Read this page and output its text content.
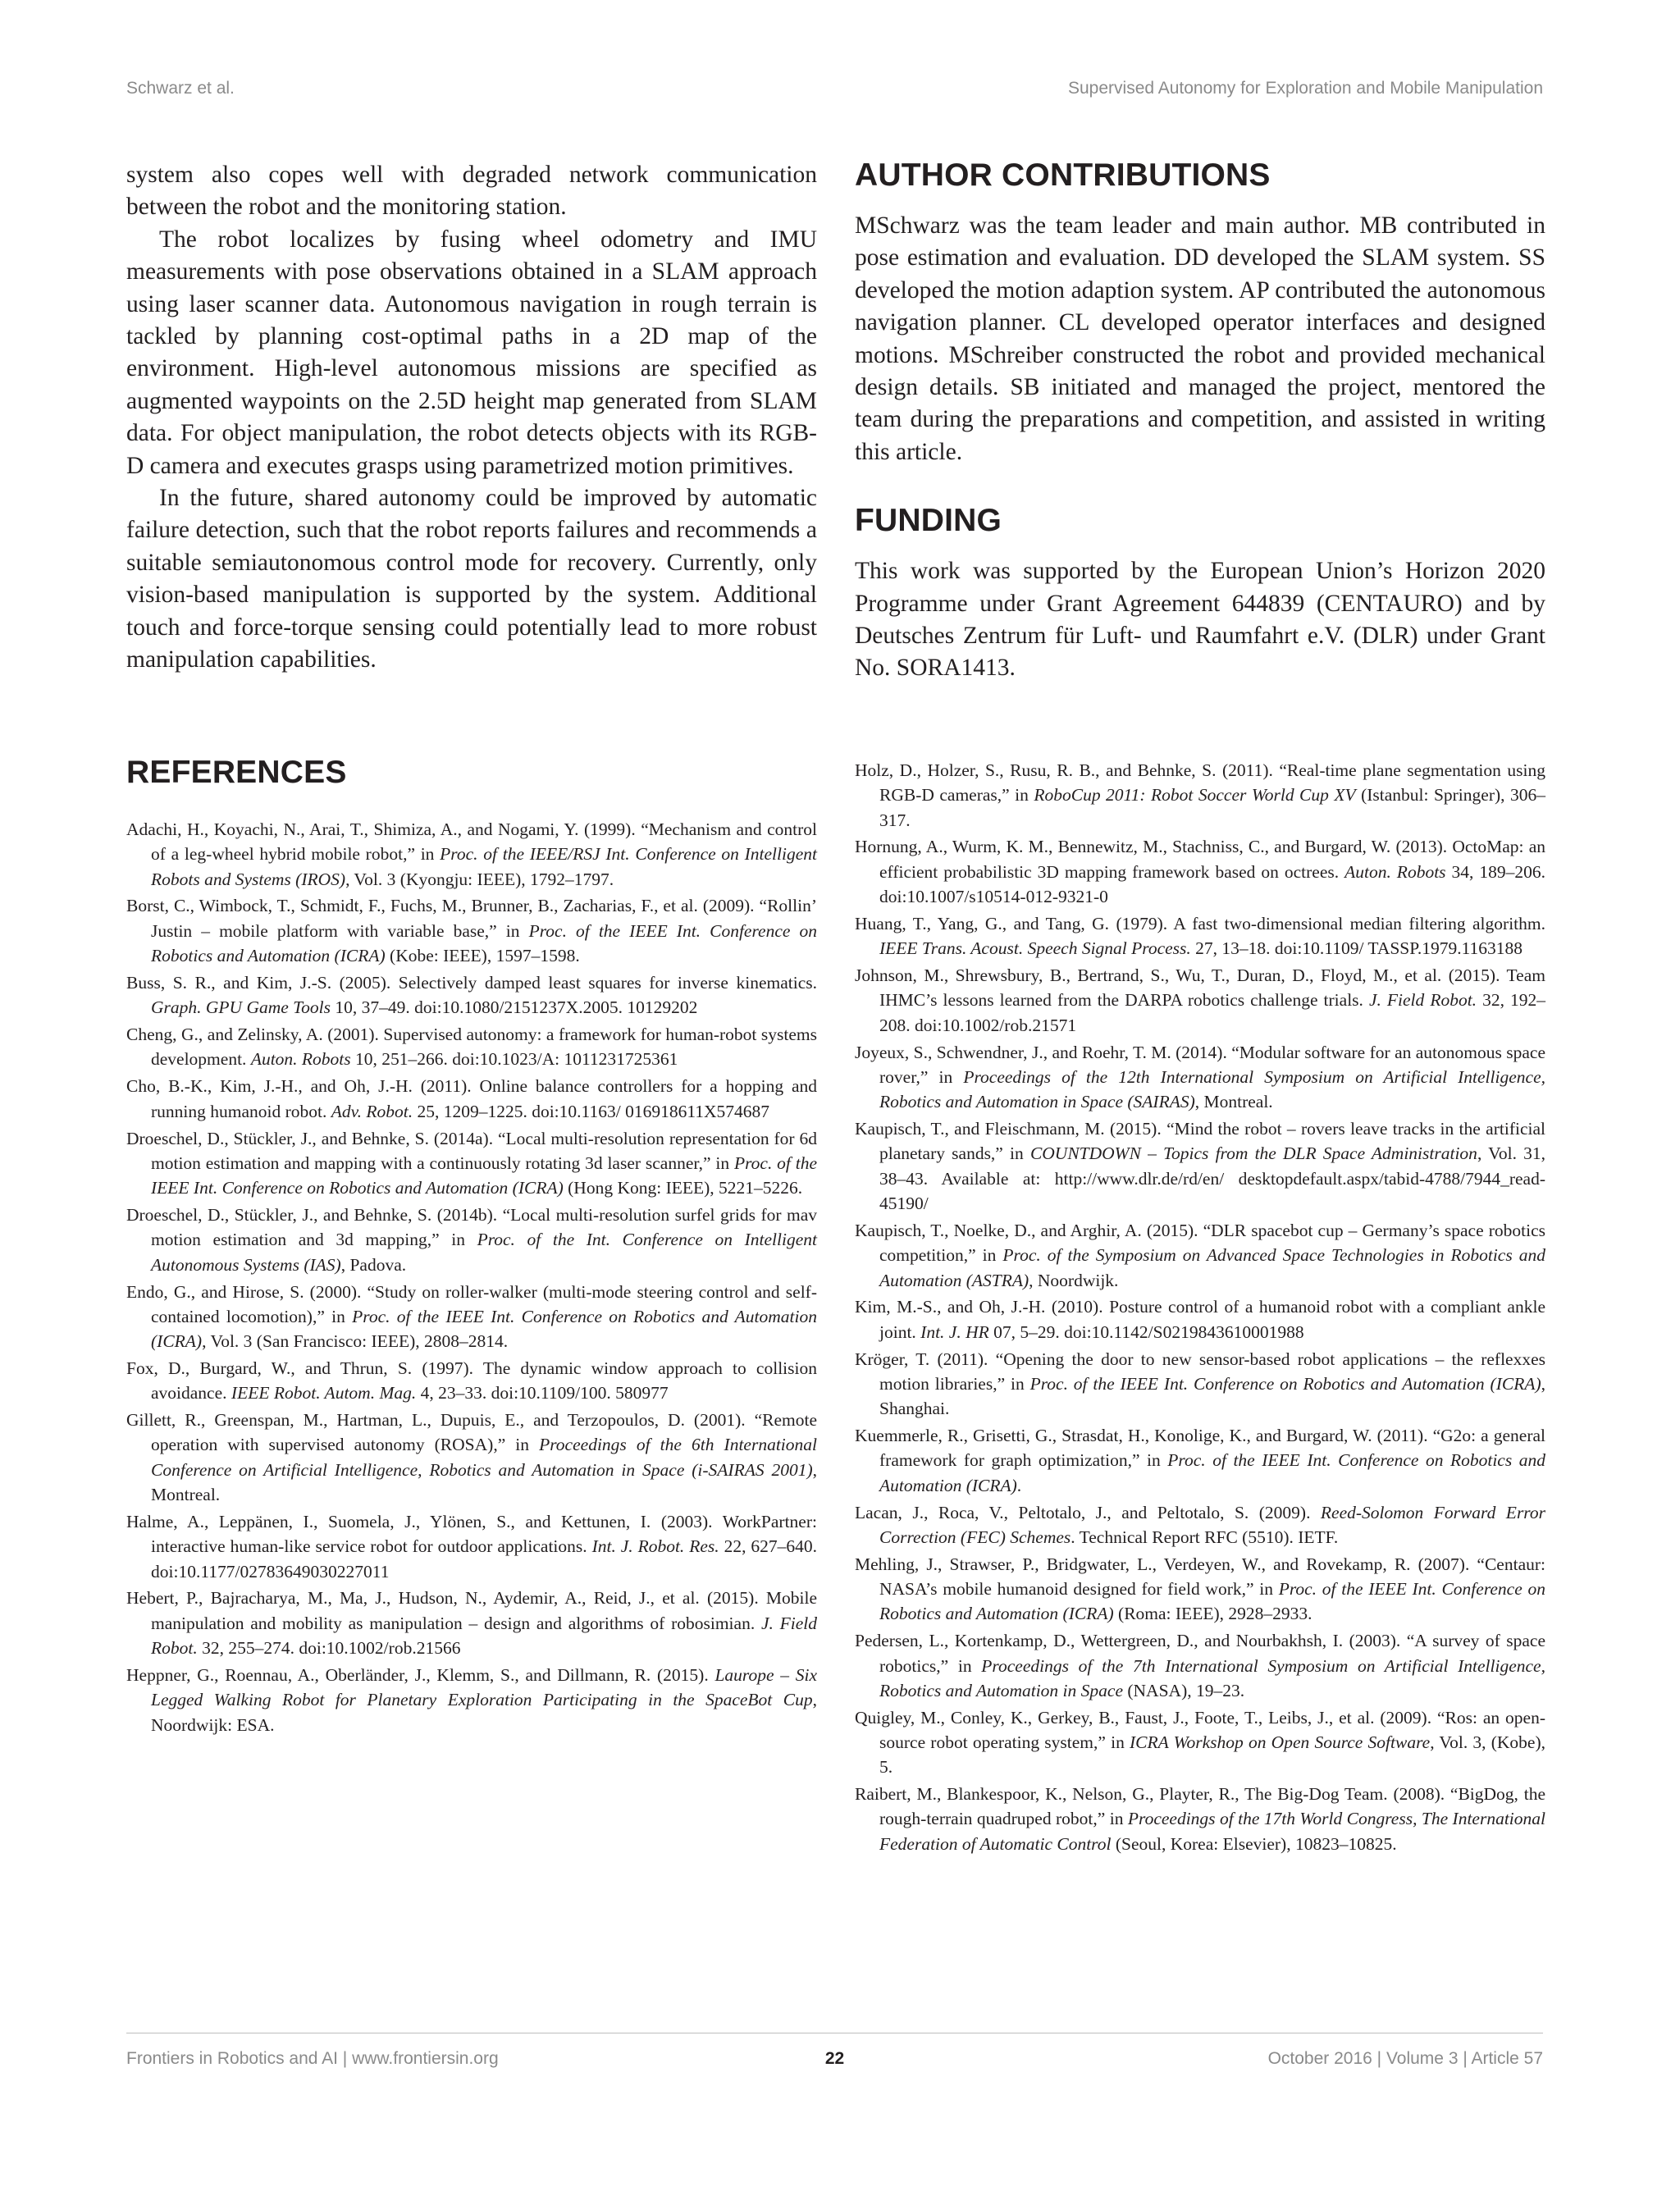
Schwarz et al.	Supervised Autonomy for Exploration and Mobile Manipulation

system also copes well with degraded network communication between the robot and the monitoring station.

The robot localizes by fusing wheel odometry and IMU measurements with pose observations obtained in a SLAM approach using laser scanner data. Autonomous navigation in rough terrain is tackled by planning cost-optimal paths in a 2D map of the environment. High-level autonomous missions are specified as augmented waypoints on the 2.5D height map generated from SLAM data. For object manipulation, the robot detects objects with its RGB-D camera and executes grasps using parametrized motion primitives.

In the future, shared autonomy could be improved by automatic failure detection, such that the robot reports failures and recommends a suitable semiautonomous control mode for recovery. Currently, only vision-based manipulation is supported by the system. Additional touch and force-torque sensing could potentially lead to more robust manipulation capabilities.

AUTHOR CONTRIBUTIONS

MSchwarz was the team leader and main author. MB contributed in pose estimation and evaluation. DD developed the SLAM system. SS developed the motion adaption system. AP contributed the autonomous navigation planner. CL developed operator interfaces and designed motions. MSchreiber constructed the robot and provided mechanical design details. SB initiated and managed the project, mentored the team during the preparations and competition, and assisted in writing this article.

FUNDING

This work was supported by the European Union’s Horizon 2020 Programme under Grant Agreement 644839 (CENTAURO) and by Deutsches Zentrum für Luft- und Raumfahrt e.V. (DLR) under Grant No. SORA1413.

REFERENCES
Adachi, H., Koyachi, N., Arai, T., Shimiza, A., and Nogami, Y. (1999). “Mechanism and control of a leg-wheel hybrid mobile robot,” in Proc. of the IEEE/RSJ Int. Conference on Intelligent Robots and Systems (IROS), Vol. 3 (Kyongju: IEEE), 1792–1797.
Borst, C., Wimbock, T., Schmidt, F., Fuchs, M., Brunner, B., Zacharias, F., et al. (2009). “Rollin’ Justin – mobile platform with variable base,” in Proc. of the IEEE Int. Conference on Robotics and Automation (ICRA) (Kobe: IEEE), 1597–1598.
Buss, S. R., and Kim, J.-S. (2005). Selectively damped least squares for inverse kinematics. Graph. GPU Game Tools 10, 37–49. doi:10.1080/2151237X.2005. 10129202
Cheng, G., and Zelinsky, A. (2001). Supervised autonomy: a framework for human-robot systems development. Auton. Robots 10, 251–266. doi:10.1023/A: 1011231725361
Cho, B.-K., Kim, J.-H., and Oh, J.-H. (2011). Online balance controllers for a hopping and running humanoid robot. Adv. Robot. 25, 1209–1225. doi:10.1163/ 016918611X574687
Droeschel, D., Stückler, J., and Behnke, S. (2014a). “Local multi-resolution representation for 6d motion estimation and mapping with a continuously rotating 3d laser scanner,” in Proc. of the IEEE Int. Conference on Robotics and Automation (ICRA) (Hong Kong: IEEE), 5221–5226.
Droeschel, D., Stückler, J., and Behnke, S. (2014b). “Local multi-resolution surfel grids for mav motion estimation and 3d mapping,” in Proc. of the Int. Conference on Intelligent Autonomous Systems (IAS), Padova.
Endo, G., and Hirose, S. (2000). “Study on roller-walker (multi-mode steering control and self-contained locomotion),” in Proc. of the IEEE Int. Conference on Robotics and Automation (ICRA), Vol. 3 (San Francisco: IEEE), 2808–2814.
Fox, D., Burgard, W., and Thrun, S. (1997). The dynamic window approach to collision avoidance. IEEE Robot. Autom. Mag. 4, 23–33. doi:10.1109/100. 580977
Gillett, R., Greenspan, M., Hartman, L., Dupuis, E., and Terzopoulos, D. (2001). “Remote operation with supervised autonomy (ROSA),” in Proceedings of the 6th International Conference on Artificial Intelligence, Robotics and Automation in Space (i-SAIRAS 2001), Montreal.
Halme, A., Leppänen, I., Suomela, J., Ylönen, S., and Kettunen, I. (2003). WorkPartner: interactive human-like service robot for outdoor applications. Int. J. Robot. Res. 22, 627–640. doi:10.1177/02783649030227011
Hebert, P., Bajracharya, M., Ma, J., Hudson, N., Aydemir, A., Reid, J., et al. (2015). Mobile manipulation and mobility as manipulation – design and algorithms of robosimian. J. Field Robot. 32, 255–274. doi:10.1002/rob.21566
Heppner, G., Roennau, A., Oberländer, J., Klemm, S., and Dillmann, R. (2015). Laurope – Six Legged Walking Robot for Planetary Exploration Participating in the SpaceBot Cup, Noordwijk: ESA.
Holz, D., Holzer, S., Rusu, R. B., and Behnke, S. (2011). “Real-time plane segmentation using RGB-D cameras,” in RoboCup 2011: Robot Soccer World Cup XV (Istanbul: Springer), 306–317.
Hornung, A., Wurm, K. M., Bennewitz, M., Stachniss, C., and Burgard, W. (2013). OctoMap: an efficient probabilistic 3D mapping framework based on octrees. Auton. Robots 34, 189–206. doi:10.1007/s10514-012-9321-0
Huang, T., Yang, G., and Tang, G. (1979). A fast two-dimensional median filtering algorithm. IEEE Trans. Acoust. Speech Signal Process. 27, 13–18. doi:10.1109/ TASSP.1979.1163188
Johnson, M., Shrewsbury, B., Bertrand, S., Wu, T., Duran, D., Floyd, M., et al. (2015). Team IHMC’s lessons learned from the DARPA robotics challenge trials. J. Field Robot. 32, 192–208. doi:10.1002/rob.21571
Joyeux, S., Schwendner, J., and Roehr, T. M. (2014). “Modular software for an autonomous space rover,” in Proceedings of the 12th International Symposium on Artificial Intelligence, Robotics and Automation in Space (SAIRAS), Montreal.
Kaupisch, T., and Fleischmann, M. (2015). “Mind the robot – rovers leave tracks in the artificial planetary sands,” in COUNTDOWN – Topics from the DLR Space Administration, Vol. 31, 38–43. Available at: http://www.dlr.de/rd/en/ desktopdefault.aspx/tabid-4788/7944_read-45190/
Kaupisch, T., Noelke, D., and Arghir, A. (2015). “DLR spacebot cup – Germany’s space robotics competition,” in Proc. of the Symposium on Advanced Space Technologies in Robotics and Automation (ASTRA), Noordwijk.
Kim, M.-S., and Oh, J.-H. (2010). Posture control of a humanoid robot with a compliant ankle joint. Int. J. HR 07, 5–29. doi:10.1142/S0219843610001988
Kröger, T. (2011). “Opening the door to new sensor-based robot applications – the reflexxes motion libraries,” in Proc. of the IEEE Int. Conference on Robotics and Automation (ICRA), Shanghai.
Kuemmerle, R., Grisetti, G., Strasdat, H., Konolige, K., and Burgard, W. (2011). “G2o: a general framework for graph optimization,” in Proc. of the IEEE Int. Conference on Robotics and Automation (ICRA).
Lacan, J., Roca, V., Peltotalo, J., and Peltotalo, S. (2009). Reed-Solomon Forward Error Correction (FEC) Schemes. Technical Report RFC (5510). IETF.
Mehling, J., Strawser, P., Bridgwater, L., Verdeyen, W., and Rovekamp, R. (2007). “Centaur: NASA’s mobile humanoid designed for field work,” in Proc. of the IEEE Int. Conference on Robotics and Automation (ICRA) (Roma: IEEE), 2928–2933.
Pedersen, L., Kortenkamp, D., Wettergreen, D., and Nourbakhsh, I. (2003). “A survey of space robotics,” in Proceedings of the 7th International Symposium on Artificial Intelligence, Robotics and Automation in Space (NASA), 19–23.
Quigley, M., Conley, K., Gerkey, B., Faust, J., Foote, T., Leibs, J., et al. (2009). “Ros: an open-source robot operating system,” in ICRA Workshop on Open Source Software, Vol. 3, (Kobe), 5.
Raibert, M., Blankespoor, K., Nelson, G., Playter, R., The Big-Dog Team. (2008). “BigDog, the rough-terrain quadruped robot,” in Proceedings of the 17th World Congress, The International Federation of Automatic Control (Seoul, Korea: Elsevier), 10823–10825.
Frontiers in Robotics and AI | www.frontiersin.org	22	October 2016 | Volume 3 | Article 57
